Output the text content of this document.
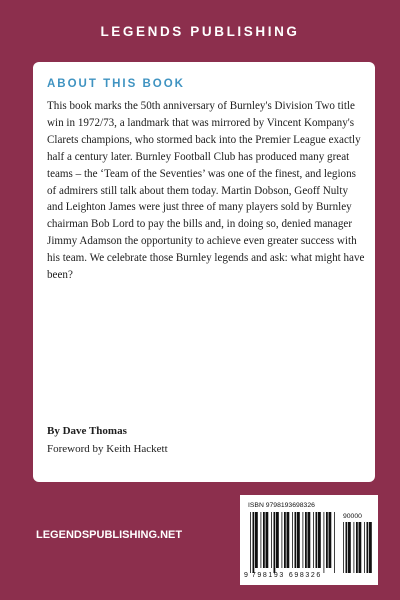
LEGENDS PUBLISHING
ABOUT THIS BOOK

This book marks the 50th anniversary of Burnley's Division Two title win in 1972/73, a landmark that was mirrored by Vincent Kompany's Clarets champions, who stormed back into the Premier League exactly half a century later. Burnley Football Club has produced many great teams – the ‘Team of the Seventies’ was one of the finest, and legions of admirers still talk about them today. Martin Dobson, Geoff Nulty and Leighton James were just three of many players sold by Burnley chairman Bob Lord to pay the bills and, in doing so, denied manager Jimmy Adamson the opportunity to achieve even greater success with his team. We celebrate those Burnley legends and ask: what might have been?

By Dave Thomas
Foreword by Keith Hackett
LEGENDSPUBLISHING.NET
ISBN 9798193698326
90000
9 798193 698326
